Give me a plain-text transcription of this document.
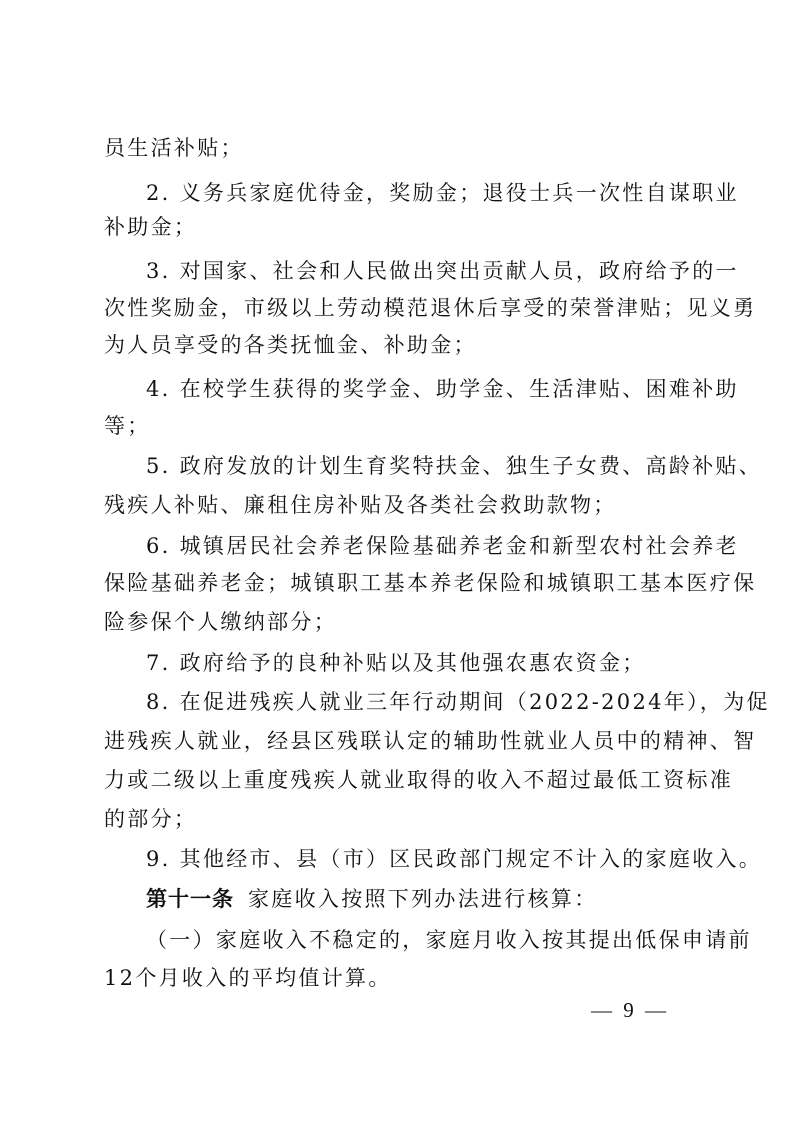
员生活补贴；
2. 义务兵家庭优待金，奖励金；退役士兵一次性自谋职业
补助金；
3. 对国家、社会和人民做出突出贡献人员，政府给予的一
次性奖励金，市级以上劳动模范退休后享受的荣誉津贴；见义勇
为人员享受的各类抚恤金、补助金；
4. 在校学生获得的奖学金、助学金、生活津贴、困难补助
等；
5. 政府发放的计划生育奖特扶金、独生子女费、高龄补贴、
残疾人补贴、廉租住房补贴及各类社会救助款物；
6. 城镇居民社会养老保险基础养老金和新型农村社会养老
保险基础养老金；城镇职工基本养老保险和城镇职工基本医疗保
险参保个人缴纳部分；
7. 政府给予的良种补贴以及其他强农惠农资金；
8. 在促进残疾人就业三年行动期间（2022-2024年），为促
进残疾人就业，经县区残联认定的辅助性就业人员中的精神、智
力或二级以上重度残疾人就业取得的收入不超过最低工资标准
的部分；
9. 其他经市、县（市）区民政部门规定不计入的家庭收入。
第十一条 家庭收入按照下列办法进行核算：
（一）家庭收入不稳定的，家庭月收入按其提出低保申请前
12个月收入的平均值计算。
— 9 —
